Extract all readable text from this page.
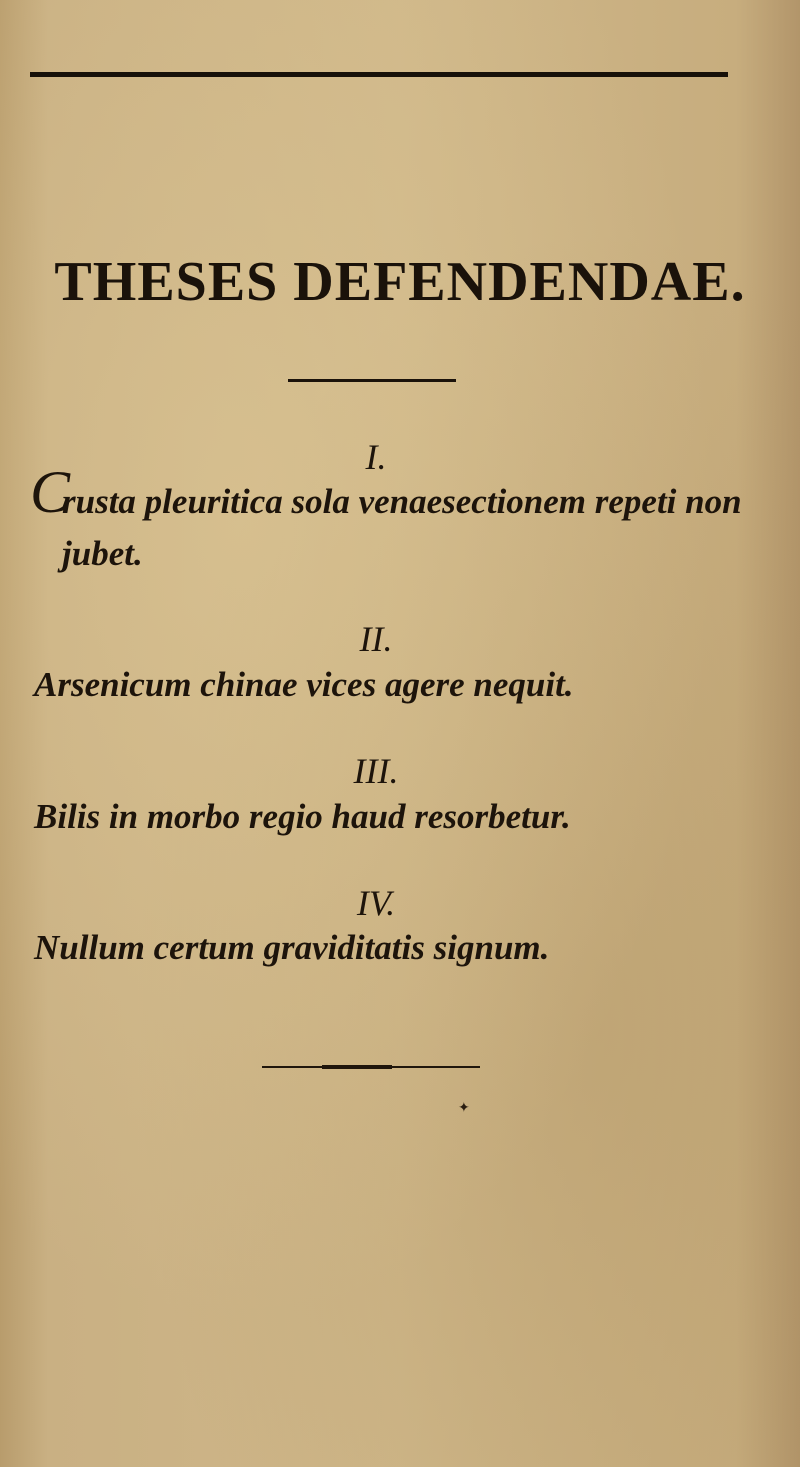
THESES DEFENDENDAE.
I.
C
rusta pleuritica sola venaesectionem repeti non
jubet.
II.
Arsenicum chinae vices agere nequit.
III.
Bilis in morbo regio haud resorbetur.
IV.
Nullum certum graviditatis signum.
✦
